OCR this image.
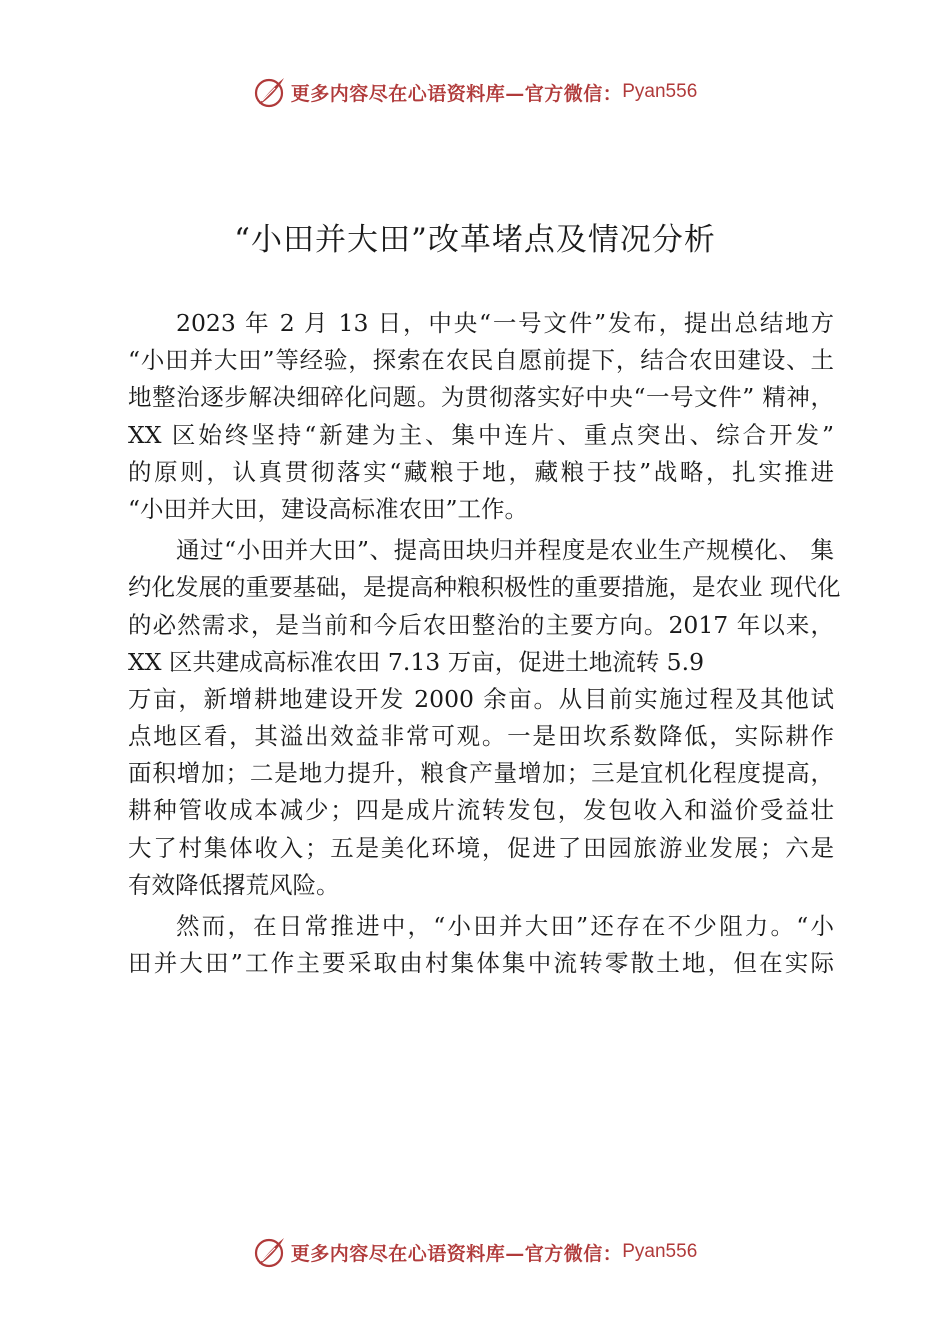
更多内容尽在心语资料库—官方微信： Pyan556
“小田并大田”改革堵点及情况分析

2023 年 2 月 13 日，中央“一号文件”发布，提出总结地方
“小田并大田”等经验，探索在农民自愿前提下，结合农田建设、土
地整治逐步解决细碎化问题。为贯彻落实好中央“一号文件” 精神，
XX 区始终坚持“新建为主、集中连片、重点突出、综合开发”
的原则，认真贯彻落实“藏粮于地，藏粮于技”战略，扎实推进
“小田并大田，建设高标准农田”工作。

通过“小田并大田”、提高田块归并程度是农业生产规模化、 集
约化发展的重要基础，是提高种粮积极性的重要措施，是农业 现代化
的必然需求，是当前和今后农田整治的主要方向。2017 年以来，
XX 区共建成高标准农田 7.13 万亩，促进土地流转 5.9
万亩，新增耕地建设开发 2000 余亩。从目前实施过程及其他试
点地区看，其溢出效益非常可观。一是田坎系数降低，实际耕作
面积增加；二是地力提升，粮食产量增加；三是宜机化程度提高，
耕种管收成本减少；四是成片流转发包，发包收入和溢价受益壮
大了村集体收入；五是美化环境，促进了田园旅游业发展；六是
有效降低撂荒风险。

然而，在日常推进中，“小田并大田”还存在不少阻力。“小
田并大田”工作主要采取由村集体集中流转零散土地，但在实际

更多内容尽在心语资料库—官方微信： Pyan556
